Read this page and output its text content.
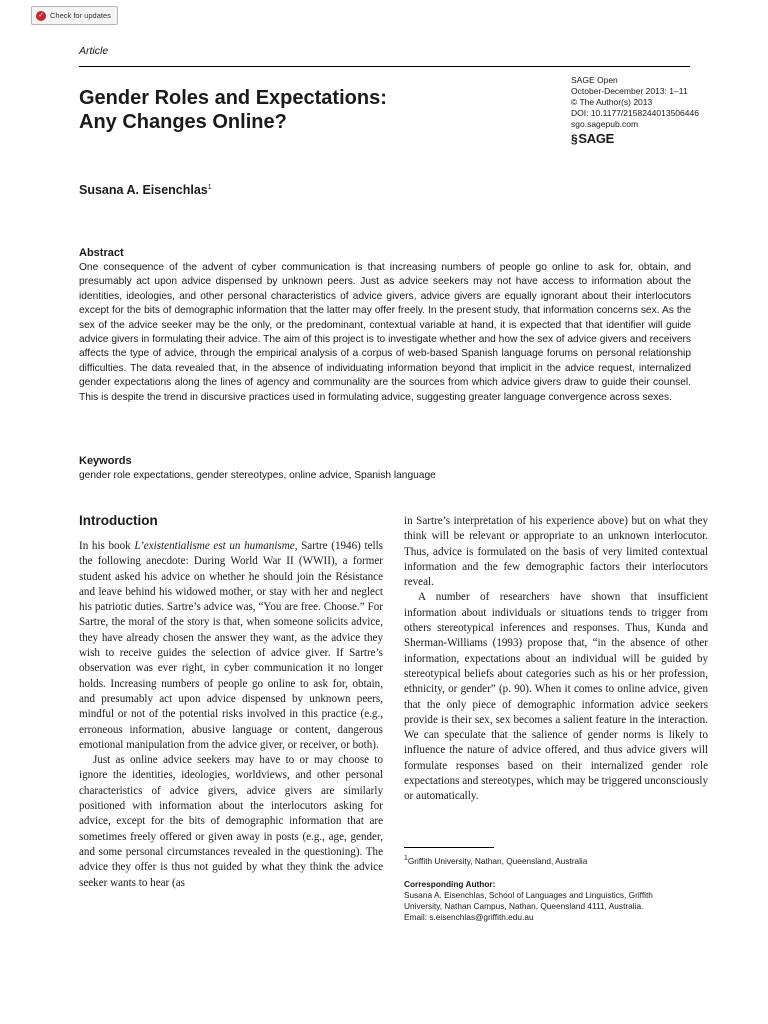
✓ Check for updates
Article
Gender Roles and Expectations:
Any Changes Online?
SAGE Open
October-December 2013: 1–11
© The Author(s) 2013
DOI: 10.1177/2158244013506446
sgo.sagepub.com
§ SAGE
Susana A. Eisenchlas$^1$
Abstract

One consequence of the advent of cyber communication is that increasing numbers of people go online to ask for, obtain, and presumably act upon advice dispensed by unknown peers. Just as advice seekers may not have access to information about the identities, ideologies, and other personal characteristics of advice givers, advice givers are equally ignorant about their interlocutors except for the bits of demographic information that the latter may offer freely. In the present study, that information concerns sex. As the sex of the advice seeker may be the only, or the predominant, contextual variable at hand, it is expected that that identifier will guide advice givers in formulating their advice. The aim of this project is to investigate whether and how the sex of advice givers and receivers affects the type of advice, through the empirical analysis of a corpus of web-based Spanish language forums on personal relationship difficulties. The data revealed that, in the absence of individuating information beyond that implicit in the advice request, internalized gender expectations along the lines of agency and communality are the sources from which advice givers draw to guide their counsel. This is despite the trend in discursive practices used in formulating advice, suggesting greater language convergence across sexes.

Keywords

gender role expectations, gender stereotypes, online advice, Spanish language

Introduction

In his book L’existentialisme est un humanisme, Sartre (1946) tells the following anecdote: During World War II (WWII), a former student asked his advice on whether he should join the Résistance and leave behind his widowed mother, or stay with her and neglect his patriotic duties. Sartre’s advice was, “You are free. Choose.” For Sartre, the moral of the story is that, when someone solicits advice, they have already chosen the answer they want, as the advice they wish to receive guides the selection of advice giver. If Sartre’s observation was ever right, in cyber communication it no longer holds. Increasing numbers of people go online to ask for, obtain, and presumably act upon advice dispensed by unknown peers, mindful or not of the potential risks involved in this practice (e.g., erroneous information, abusive language or content, dangerous emotional manipulation from the advice giver, or receiver, or both).

Just as online advice seekers may have to or may choose to ignore the identities, ideologies, worldviews, and other personal characteristics of advice givers, advice givers are similarly positioned with information about the interlocutors asking for advice, except for the bits of demographic information that are sometimes freely offered or given away in posts (e.g., age, gender, and some personal circumstances revealed in the questioning). The advice they offer is thus not guided by what they think the advice seeker wants to hear (as

in Sartre’s interpretation of his experience above) but on what they think will be relevant or appropriate to an unknown interlocutor. Thus, advice is formulated on the basis of very limited contextual information and the few demographic factors their interlocutors reveal.

A number of researchers have shown that insufficient information about individuals or situations tends to trigger from others stereotypical inferences and responses. Thus, Kunda and Sherman-Williams (1993) propose that, “in the absence of other information, expectations about an individual will be guided by stereotypical beliefs about categories such as his or her profession, ethnicity, or gender” (p. 90). When it comes to online advice, given that the only piece of demographic information advice seekers provide is their sex, sex becomes a salient feature in the interaction. We can speculate that the salience of gender norms is likely to influence the nature of advice offered, and thus advice givers will formulate responses based on their internalized gender role expectations and stereotypes, which may be triggered unconsciously or automatically.

$^1$Griffith University, Nathan, Queensland, Australia

Corresponding Author:

Susana A. Eisenchlas, School of Languages and Linguistics, Griffith

University, Nathan Campus, Nathan, Queensland 4111, Australia.

Email: s.eisenchlas@griffith.edu.au
